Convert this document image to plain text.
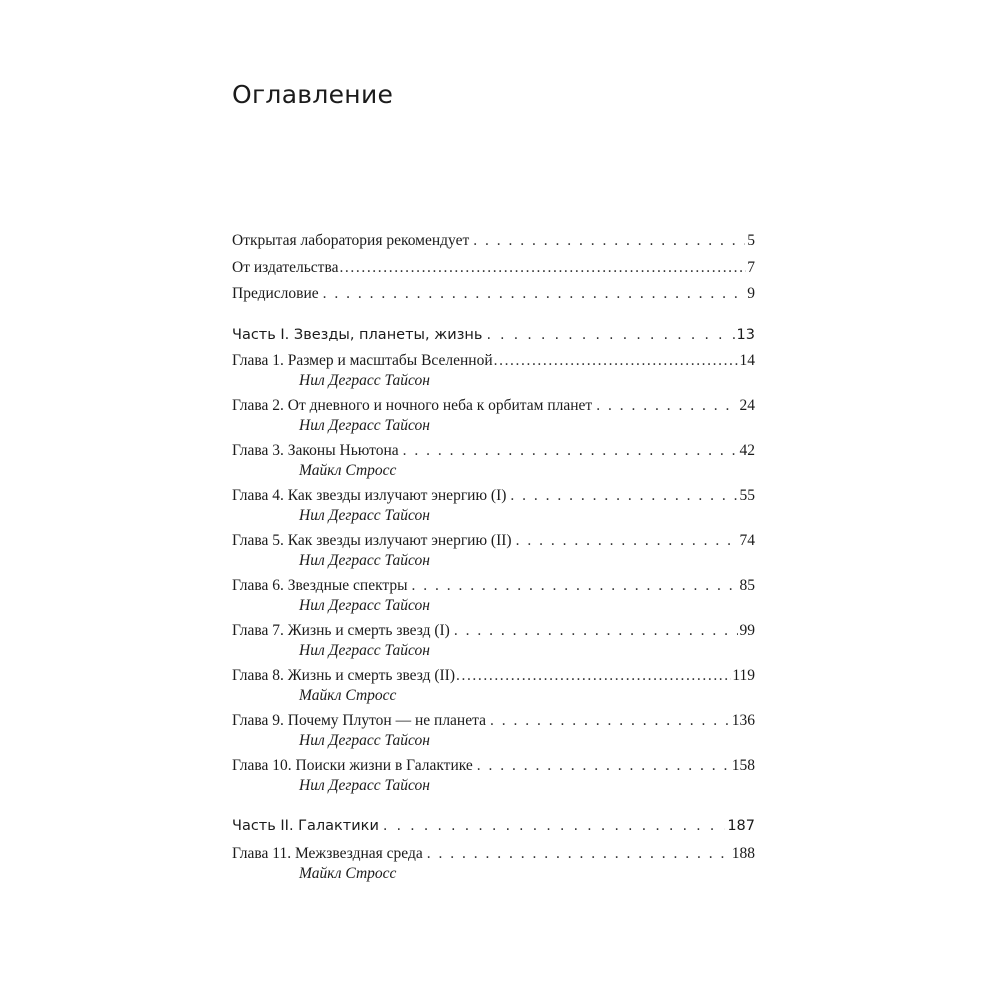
Оглавление
Открытая лаборатория рекомендует . . .	5
От издательства .....	7
Предисловие . . .	9
Часть I. Звезды, планеты, жизнь . . .	13
Глава 1. Размер и масштабы Вселенной .....	14
Нил Деграсс Тайсон
Глава 2. От дневного и ночного неба к орбитам планет . . .	24
Нил Деграсс Тайсон
Глава 3. Законы Ньютона . . .	42
Майкл Стросс
Глава 4. Как звезды излучают энергию (I) . . .	55
Нил Деграсс Тайсон
Глава 5. Как звезды излучают энергию (II) . . .	74
Нил Деграсс Тайсон
Глава 6. Звездные спектры . . .	85
Нил Деграсс Тайсон
Глава 7. Жизнь и смерть звезд (I) . . .	99
Нил Деграсс Тайсон
Глава 8. Жизнь и смерть звезд (II) .....	119
Майкл Стросс
Глава 9. Почему Плутон — не планета . . .	136
Нил Деграсс Тайсон
Глава 10. Поиски жизни в Галактике . . .	158
Нил Деграсс Тайсон
Часть II. Галактики . . .	187
Глава 11. Межзвездная среда . . .	188
Майкл Стросс
